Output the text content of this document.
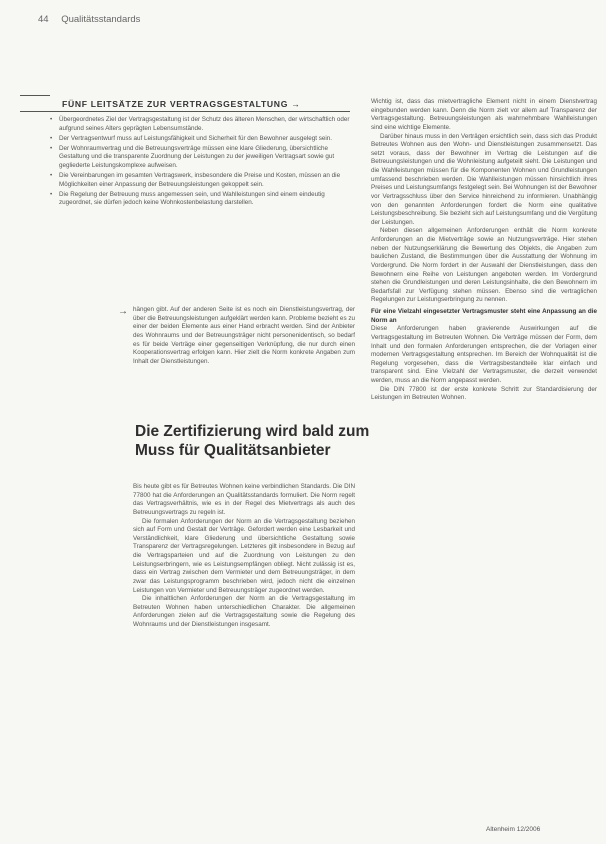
44 Qualitätsstandards
FÜNF LEITSÄTZE ZUR VERTRAGSGESTALTUNG →
• Übergeordnetes Ziel der Vertragsgestaltung ist der Schutz des älteren Menschen, der wirtschaftlich oder aufgrund seines Alters geprägten Lebensumstände.
• Der Vertragsentwurf muss auf Leistungsfähigkeit und Sicherheit für den Bewohner ausgelegt sein.
• Der Wohnraumvertrag und die Betreuungsverträge müssen eine klare Gliederung, übersichtliche Gestaltung und die transparente Zuordnung der Leistungen zu der jeweiligen Vertragsart sowie gut gegliederte Leistungskomplexe aufweisen.
• Die Vereinbarungen im gesamten Vertragswerk, insbesondere die Preise und Kosten, müssen an die Möglichkeiten einer Anpassung der Betreuungsleistungen gekoppelt sein.
• Die Regelung der Betreuung muss angemessen sein, und Wahlleistungen sind einem eindeutig zugeordnet, sie dürfen jedoch keine Wohnkostenbelastung darstellen.
→ hängen gibt. Auf der anderen Seite ist es noch ein Dienstleistungsvertrag, der über die Betreuungsleistungen aufgeklärt werden kann. Probleme bezieht es zu einer der beiden Elemente aus einer Hand erbracht werden. Sind der Anbieter des Wohnraums und der Betreuungsträger nicht personenidentisch, so bedarf es für beide Verträge einer gegenseitigen Verknüpfung, die nur durch einen Kooperationsvertrag erfolgen kann. Hier zielt die Norm konkrete Angaben zum Inhalt der Dienstleistungen.

Die Zertifizierung wird bald zum Muss für Qualitätsanbieter

Bis heute gibt es für Betreutes Wohnen keine verbindlichen Standards. Die DIN 77800 hat die Anforderungen an Qualitätsstandards formuliert. Die Norm regelt das Vertragsverhältnis, wie es in der Regel des Mietvertrags als auch des Betreuungsvertrags zu regeln ist.

Die formalen Anforderungen der Norm an die Vertragsgestaltung beziehen sich auf Form und Gestalt der Verträge. Gefordert werden eine Lesbarkeit und Verständlichkeit, klare Gliederung und übersichtliche Gestaltung sowie Transparenz der Vertragsregelungen. Letzteres gilt insbesondere in Bezug auf die Vertragsparteien und auf die Zuordnung von Leistungen zu den Leistungserbringern, wie es Leistungsempfängen obliegt. Nicht zulässig ist es, dass ein Vertrag zwischen dem Vermieter und dem Betreuungsträger, in dem zwar das Leistungsprogramm beschrieben wird, jedoch nicht die einzelnen Leistungen von Vermieter und Betreuungsträger zugeordnet werden.

Die inhaltlichen Anforderungen der Norm an die Vertragsgestaltung im Betreuten Wohnen haben unterschiedlichen Charakter. Die allgemeinen Anforderungen zielen auf die Vertragsgestaltung sowie die Regelung des Wohnraums und der Dienstleistungen insgesamt.

Wichtig ist, dass das mietvertragliche Element nicht in einem Dienstvertrag eingebunden werden kann. Denn die Norm zielt vor allem auf Transparenz der Vertragsgestaltung. Betreuungsleistungen als wahrnehmbare Wahlleistungen sind eine wichtige Elemente.

Darüber hinaus muss in den Verträgen ersichtlich sein, dass sich das Produkt Betreutes Wohnen aus den Wohn- und Dienstleistungen zusammensetzt. Das setzt voraus, dass der Bewohner im Vertrag die Leistungen auf die Betreuungsleistungen und die Wohnleistung aufgeteilt sieht. Die Leistungen und die Wahlleistungen müssen für die Komponenten Wohnen und Grundleistungen umfassend beschrieben werden. Die Wahlleistungen müssen hinsichtlich ihres Preises und Leistungsumfangs festgelegt sein. Bei Wohnungen ist der Bewohner vor Vertragsschluss über den Service hinreichend zu informieren. Unabhängig von den genannten Anforderungen fordert die Norm eine qualitative Leistungsbeschreibung. Sie bezieht sich auf Leistungsumfang und die Vergütung der Leistungen.

Neben diesen allgemeinen Anforderungen enthält die Norm konkrete Anforderungen an die Mietverträge sowie an Nutzungsverträge. Hier stehen neben der Nutzungserklärung die Bewertung des Objekts, die Angaben zum baulichen Zustand, die Bestimmungen über die Ausstattung der Wohnung im Vordergrund. Die Norm fordert in der Auswahl der Dienstleistungen, dass den Bewohnern eine Reihe von Leistungen angeboten werden. Im Vordergrund stehen die Grundleistungen und deren Leistungsinhalte, die den Bewohnern im Bedarfsfall zur Verfügung stehen müssen. Ebenso sind die vertraglichen Regelungen zur Leistungserbringung zu nennen.

Für eine Vielzahl eingesetzter Vertragsmuster steht eine Anpassung an die Norm an

Diese Anforderungen haben gravierende Auswirkungen auf die Vertragsgestaltung im Betreuten Wohnen. Die Verträge müssen der Form, dem Inhalt und den formalen Anforderungen entsprechen, die der Vorlagen einer modernen Vertragsgestaltung entsprechen. Im Bereich der Wohnqualität ist die Regelung vorgesehen, dass die Vertragsbestandteile klar einfach und transparent sind. Eine Vielzahl der Vertragsmuster, die derzeit verwendet werden, muss an die Norm angepasst werden.

Die DIN 77800 ist der erste konkrete Schritt zur Standardisierung der Leistungen im Betreuten Wohnen.

Altenheim 12/2006
